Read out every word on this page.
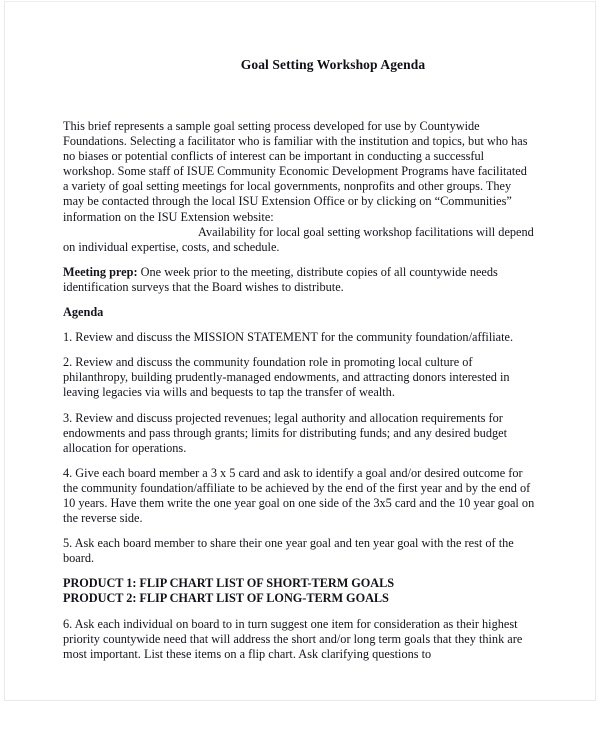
Goal Setting Workshop Agenda

This brief represents a sample goal setting process developed for use by Countywide Foundations. Selecting a facilitator who is familiar with the institution and topics, but who has no biases or potential conflicts of interest can be important in conducting a successful workshop. Some staff of ISUE Community Economic Development Programs have facilitated a variety of goal setting meetings for local governments, nonprofits and other groups. They may be contacted through the local ISU Extension Office or by clicking on “Communities” information on the ISU Extension website:

Availability for local goal setting workshop facilitations will depend on individual expertise, costs, and schedule.

Meeting prep: One week prior to the meeting, distribute copies of all countywide needs identification surveys that the Board wishes to distribute.

Agenda

1. Review and discuss the MISSION STATEMENT for the community foundation/affiliate.

2. Review and discuss the community foundation role in promoting local culture of philanthropy, building prudently-managed endowments, and attracting donors interested in leaving legacies via wills and bequests to tap the transfer of wealth.

3. Review and discuss projected revenues; legal authority and allocation requirements for endowments and pass through grants; limits for distributing funds; and any desired budget allocation for operations.

4. Give each board member a 3 x 5 card and ask to identify a goal and/or desired outcome for the community foundation/affiliate to be achieved by the end of the first year and by the end of 10 years. Have them write the one year goal on one side of the 3x5 card and the 10 year goal on the reverse side.

5. Ask each board member to share their one year goal and ten year goal with the rest of the board.

PRODUCT 1: FLIP CHART LIST OF SHORT-TERM GOALS

PRODUCT 2: FLIP CHART LIST OF LONG-TERM GOALS

6. Ask each individual on board to in turn suggest one item for consideration as their highest priority countywide need that will address the short and/or long term goals that they think are most important. List these items on a flip chart. Ask clarifying questions to
